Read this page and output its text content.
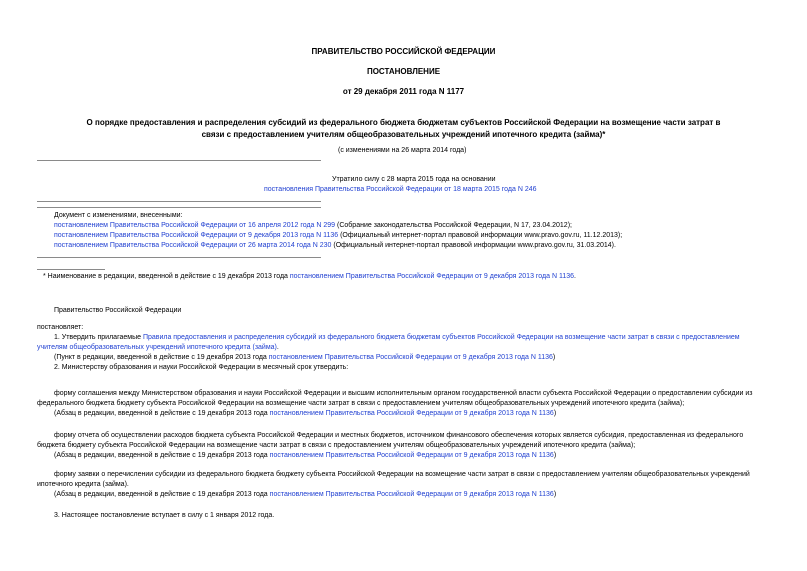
ПРАВИТЕЛЬСТВО РОССИЙСКОЙ ФЕДЕРАЦИИ
ПОСТАНОВЛЕНИЕ
от 29 декабря 2011 года N 1177
О порядке предоставления и распределения субсидий из федерального бюджета бюджетам субъектов Российской Федерации на возмещение части затрат в
связи с предоставлением учителям общеобразовательных учреждений ипотечного кредита (займа)*
(с изменениями на 26 марта 2014 года)
Утратило силу с 28 марта 2015 года на основании
постановления Правительства Российской Федерации от 18 марта 2015 года N 246
Документ с изменениями, внесенными:
постановлением Правительства Российской Федерации от 16 апреля 2012 года N 299 (Собрание законодательства Российской Федерации, N 17, 23.04.2012);
постановлением Правительства Российской Федерации от 9 декабря 2013 года N 1136 (Официальный интернет-портал правовой информации www.pravo.gov.ru, 11.12.2013);
постановлением Правительства Российской Федерации от 26 марта 2014 года N 230 (Официальный интернет-портал правовой информации www.pravo.gov.ru, 31.03.2014).
* Наименование в редакции, введенной в действие с 19 декабря 2013 года постановлением Правительства Российской Федерации от 9 декабря 2013 года N 1136.
Правительство Российской Федерации
постановляет:
1. Утвердить прилагаемые Правила предоставления и распределения субсидий из федерального бюджета бюджетам субъектов Российской Федерации на возмещение части затрат в связи с предоставлением
учителям общеобразовательных учреждений ипотечного кредита (займа).
(Пункт в редакции, введенной в действие с 19 декабря 2013 года постановлением Правительства Российской Федерации от 9 декабря 2013 года N 1136)
2. Министерству образования и науки Российской Федерации в месячный срок утвердить:
форму соглашения между Министерством образования и науки Российской Федерации и высшим исполнительным органом государственной власти субъекта Российской Федерации о предоставлении субсидии из
федерального бюджета бюджету субъекта Российской Федерации на возмещение части затрат в связи с предоставлением учителям общеобразовательных учреждений ипотечного кредита (займа);
(Абзац в редакции, введенной в действие с 19 декабря 2013 года постановлением Правительства Российской Федерации от 9 декабря 2013 года N 1136)
форму отчета об осуществлении расходов бюджета субъекта Российской Федерации и местных бюджетов, источником финансового обеспечения которых является субсидия, предоставленная из федерального
бюджета бюджету субъекта Российской Федерации на возмещение части затрат в связи с предоставлением учителям общеобразовательных учреждений ипотечного кредита (займа);
(Абзац в редакции, введенной в действие с 19 декабря 2013 года постановлением Правительства Российской Федерации от 9 декабря 2013 года N 1136)
форму заявки о перечислении субсидии из федерального бюджета бюджету субъекта Российской Федерации на возмещение части затрат в связи с предоставлением учителям общеобразовательных учреждений
ипотечного кредита (займа).
(Абзац в редакции, введенной в действие с 19 декабря 2013 года постановлением Правительства Российской Федерации от 9 декабря 2013 года N 1136)
3. Настоящее постановление вступает в силу с 1 января 2012 года.
